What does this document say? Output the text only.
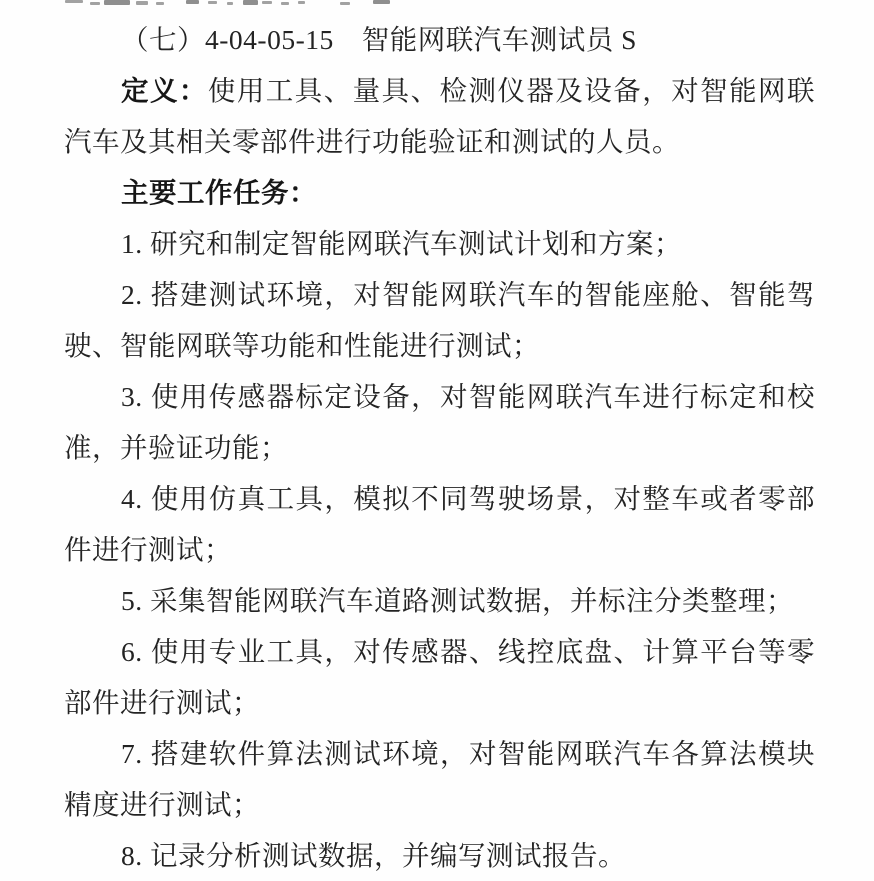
（七）4-04-05-15　智能网联汽车测试员 S
定义：使用工具、量具、检测仪器及设备，对智能网联
汽车及其相关零部件进行功能验证和测试的人员。
主要工作任务：
1. 研究和制定智能网联汽车测试计划和方案；
2. 搭建测试环境，对智能网联汽车的智能座舱、智能驾
驶、智能网联等功能和性能进行测试；
3. 使用传感器标定设备，对智能网联汽车进行标定和校
准，并验证功能；
4. 使用仿真工具，模拟不同驾驶场景，对整车或者零部
件进行测试；
5. 采集智能网联汽车道路测试数据，并标注分类整理；
6. 使用专业工具，对传感器、线控底盘、计算平台等零
部件进行测试；
7. 搭建软件算法测试环境，对智能网联汽车各算法模块
精度进行测试；
8. 记录分析测试数据，并编写测试报告。
